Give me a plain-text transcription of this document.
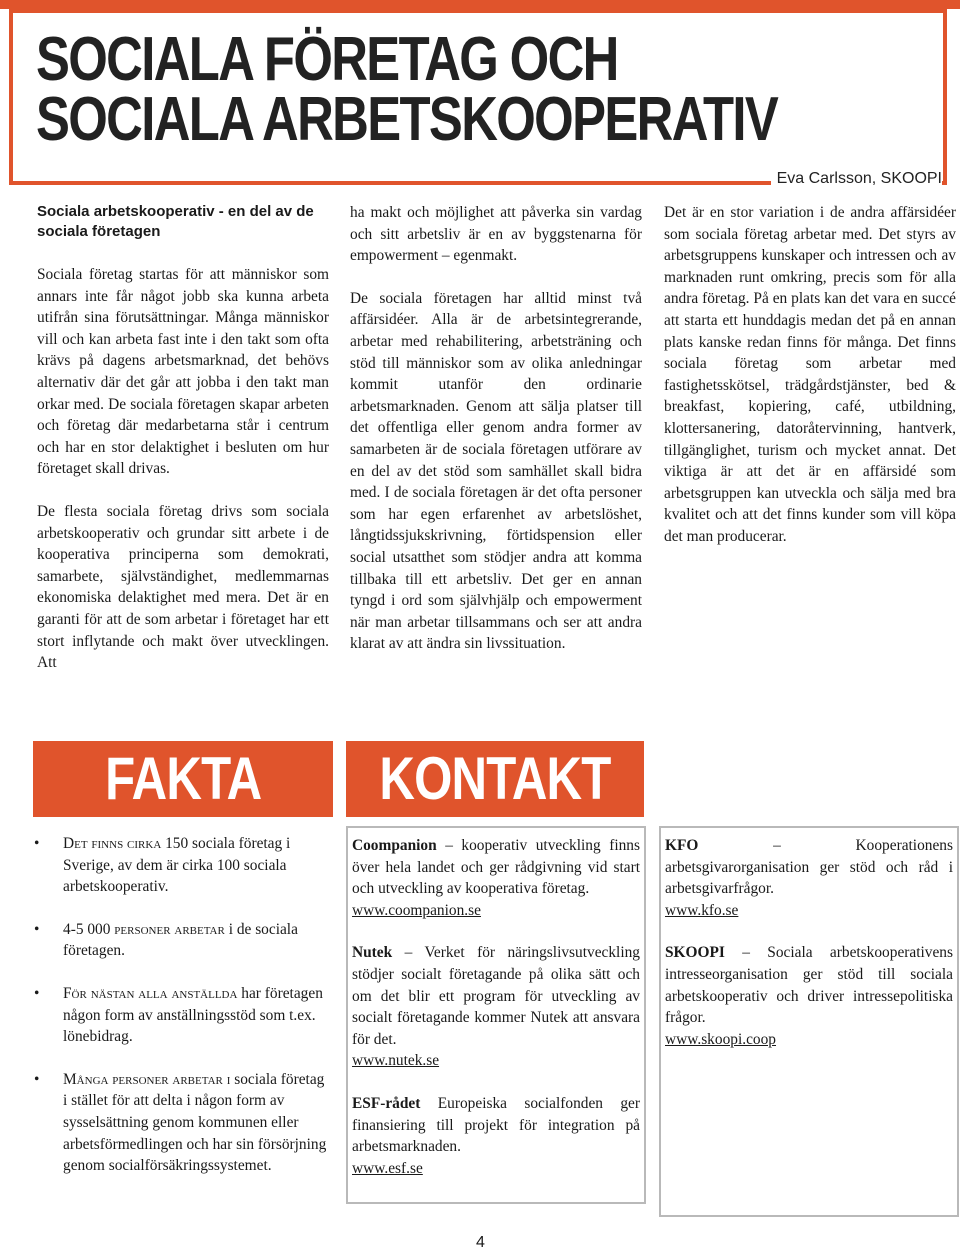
SOCIALA FÖRETAG OCH
SOCIALA ARBETSKOOPERATIV
Eva Carlsson, SKOOPI
Sociala arbetskooperativ - en del av de sociala företagen

Sociala företag startas för att människor som annars inte får något jobb ska kunna arbeta utifrån sina förutsättningar. Många människor vill och kan arbeta fast inte i den takt som ofta krävs på dagens arbetsmarknad, det behövs alternativ där det går att jobba i den takt man orkar med. De sociala företagen skapar arbeten och företag där medarbetarna står i centrum och har en stor delaktighet i besluten om hur företaget skall drivas.

De flesta sociala företag drivs som sociala arbetskooperativ och grundar sitt arbete i de kooperativa principerna som demokrati, samarbete, självständighet, medlemmarnas ekonomiska delaktighet med mera. Det är en garanti för att de som arbetar i företaget har ett stort inflytande och makt över utvecklingen. Att

ha makt och möjlighet att påverka sin vardag och sitt arbetsliv är en av byggstenarna för empowerment – egenmakt.

De sociala företagen har alltid minst två affärsidéer. Alla är de arbetsintegrerande, arbetar med rehabilitering, arbetsträning och stöd till människor som av olika anledningar kommit utanför den ordinarie arbetsmarknaden. Genom att sälja platser till det offentliga eller genom andra former av samarbeten är de sociala företagen utförare av en del av det stöd som samhället skall bidra med. I de sociala företagen är det ofta personer som har egen erfarenhet av arbetslöshet, långtidssjukskrivning, förtidspension eller social utsatthet som stödjer andra att komma tillbaka till ett arbetsliv. Det ger en annan tyngd i ord som självhjälp och empowerment när man arbetar tillsammans och ser att andra klarat av att ändra sin livssituation.

Det är en stor variation i de andra affärsidéer som sociala företag arbetar med. Det styrs av arbetsgruppens kunskaper och intressen och av marknaden runt omkring, precis som för alla andra företag. På en plats kan det vara en succé att starta ett hunddagis medan det på en annan plats kanske redan finns för många. Det finns sociala företag som arbetar med fastighetsskötsel, trädgårdstjänster, bed & breakfast, kopiering, café, utbildning, klottersanering, datoråtervinning, hantverk, tillgänglighet, turism och mycket annat. Det viktiga är att det är en affärsidé som arbetsgruppen kan utveckla och sälja med bra kvalitet och att det finns kunder som vill köpa det man producerar.

FAKTA	KONTAKT
• Det finns cirka 150 sociala företag i Sverige, av dem är cirka 100 sociala arbetskooperativ.
• 4-5 000 personer arbetar i de sociala företagen.
• För nästan alla anställda har företagen någon form av anställningsstöd som t.ex. lönebidrag.
• Många personer arbetar i sociala företag i stället för att delta i någon form av sysselsättning genom kommunen eller arbetsförmedlingen och har sin försörjning genom socialförsäkringssystemet.

Coompanion – kooperativ utveckling finns över hela landet och ger rådgivning vid start och utveckling av kooperativa företag.
www.coompanion.se

Nutek – Verket för näringslivsutveckling stödjer socialt företagande på olika sätt och om det blir ett program för utveckling av socialt företagande kommer Nutek att ansvara för det.
www.nutek.se

ESF-rådet Europeiska socialfonden ger finansiering till projekt för integration på arbetsmarknaden.
www.esf.se

KFO – Kooperationens arbetsgivarorganisation ger stöd och råd i arbetsgivarfrågor.
www.kfo.se

SKOOPI – Sociala arbetskooperativens intresseorganisation ger stöd till sociala arbetskooperativ och driver intressepolitiska frågor.
www.skoopi.coop

4
